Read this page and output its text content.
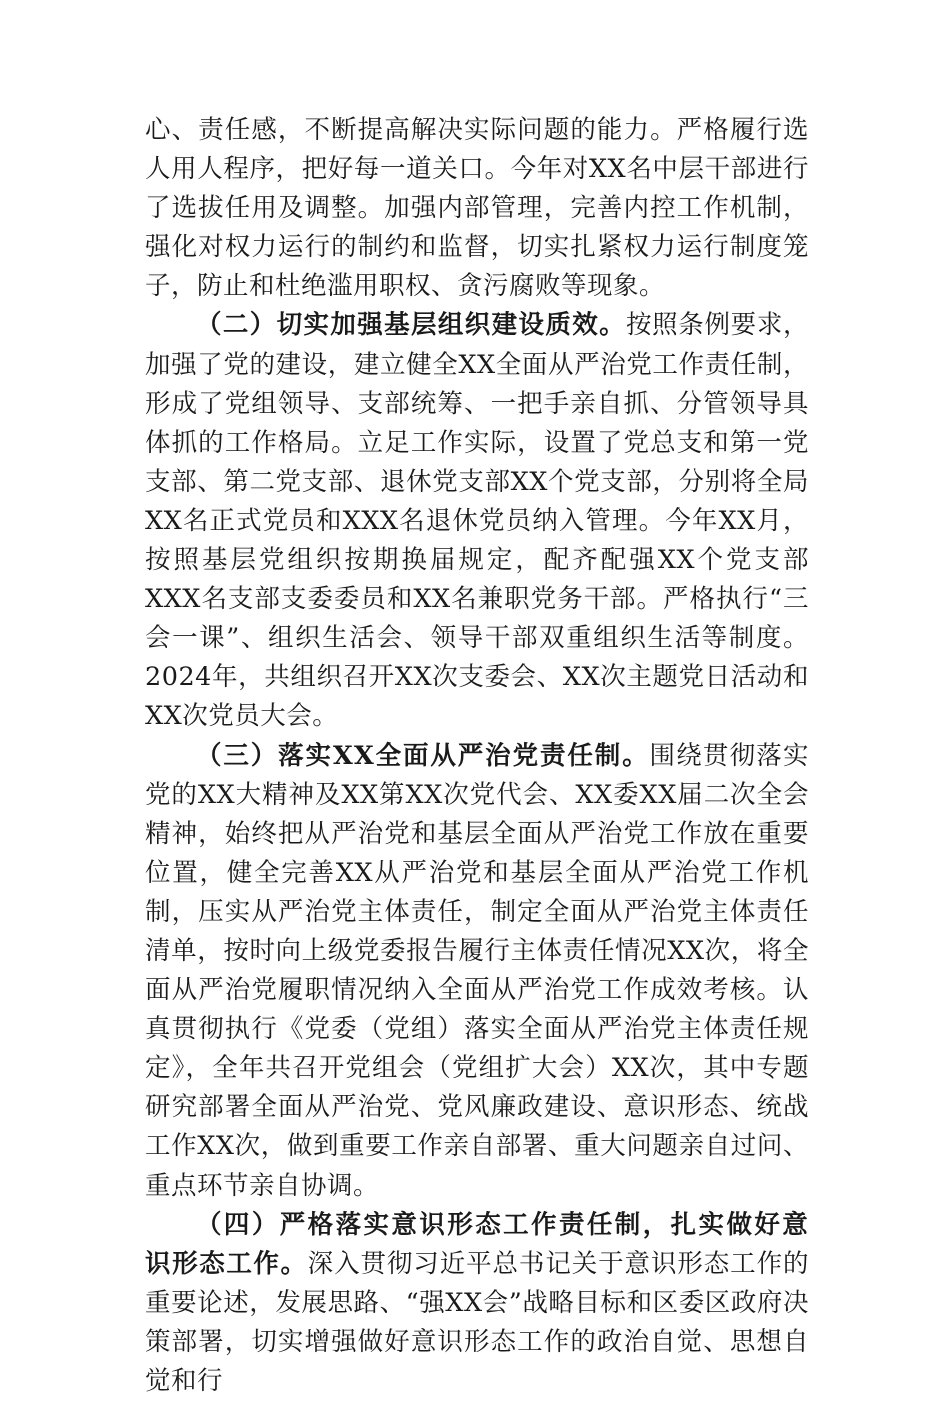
心、责任感，不断提高解决实际问题的能力。严格履行选人用人程序，把好每一道关口。今年对XX名中层干部进行了选拔任用及调整。加强内部管理，完善内控工作机制，强化对权力运行的制约和监督，切实扎紧权力运行制度笼子，防止和杜绝滥用职权、贪污腐败等现象。

（二）切实加强基层组织建设质效。按照条例要求，加强了党的建设，建立健全XX全面从严治党工作责任制，形成了党组领导、支部统筹、一把手亲自抓、分管领导具体抓的工作格局。立足工作实际，设置了党总支和第一党支部、第二党支部、退休党支部XX个党支部，分别将全局XX名正式党员和XXX名退休党员纳入管理。今年XX月，按照基层党组织按期换届规定，配齐配强XX个党支部XXX名支部支委委员和XX名兼职党务干部。严格执行“三会一课”、组织生活会、领导干部双重组织生活等制度。2024年，共组织召开XX次支委会、XX次主题党日活动和XX次党员大会。

（三）落实XX全面从严治党责任制。围绕贯彻落实党的XX大精神及XX第XX次党代会、XX委XX届二次全会精神，始终把从严治党和基层全面从严治党工作放在重要位置，健全完善XX从严治党和基层全面从严治党工作机制，压实从严治党主体责任，制定全面从严治党主体责任清单，按时向上级党委报告履行主体责任情况XX次，将全面从严治党履职情况纳入全面从严治党工作成效考核。认真贯彻执行《党委（党组）落实全面从严治党主体责任规定》，全年共召开党组会（党组扩大会）XX次，其中专题研究部署全面从严治党、党风廉政建设、意识形态、统战工作XX次，做到重要工作亲自部署、重大问题亲自过问、重点环节亲自协调。

（四）严格落实意识形态工作责任制，扎实做好意识形态工作。深入贯彻习近平总书记关于意识形态工作的重要论述，发展思路、“强XX会”战略目标和区委区政府决策部署，切实增强做好意识形态工作的政治自觉、思想自觉和行
